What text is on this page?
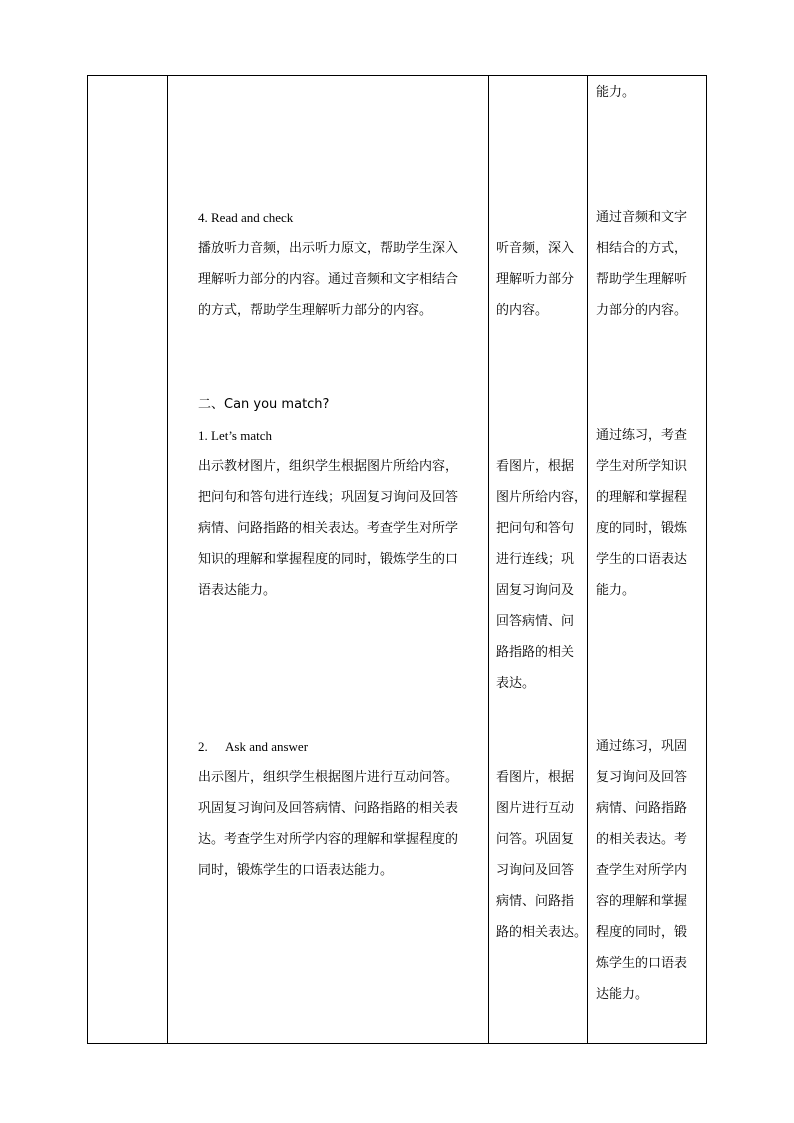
能力。
4. Read and check
播放听力音频，出示听力原文，帮助学生深入
理解听力部分的内容。通过音频和文字相结合
的方式，帮助学生理解听力部分的内容。
听音频，深入
理解听力部分
的内容。
通过音频和文字
相结合的方式，
帮助学生理解听
力部分的内容。
二、Can you match?
1. Let’s match
出示教材图片，组织学生根据图片所给内容，
把问句和答句进行连线；巩固复习询问及回答
病情、问路指路的相关表达。考查学生对所学
知识的理解和掌握程度的同时，锻炼学生的口
语表达能力。
看图片，根据
图片所给内容，
把问句和答句
进行连线；巩
固复习询问及
回答病情、问
路指路的相关
表达。
通过练习，考查
学生对所学知识
的理解和掌握程
度的同时，锻炼
学生的口语表达
能力。
2. Ask and answer
出示图片，组织学生根据图片进行互动问答。
巩固复习询问及回答病情、问路指路的相关表
达。考查学生对所学内容的理解和掌握程度的
同时，锻炼学生的口语表达能力。
看图片，根据
图片进行互动
问答。巩固复
习询问及回答
病情、问路指
路的相关表达。
通过练习，巩固
复习询问及回答
病情、问路指路
的相关表达。考
查学生对所学内
容的理解和掌握
程度的同时，锻
炼学生的口语表
达能力。
